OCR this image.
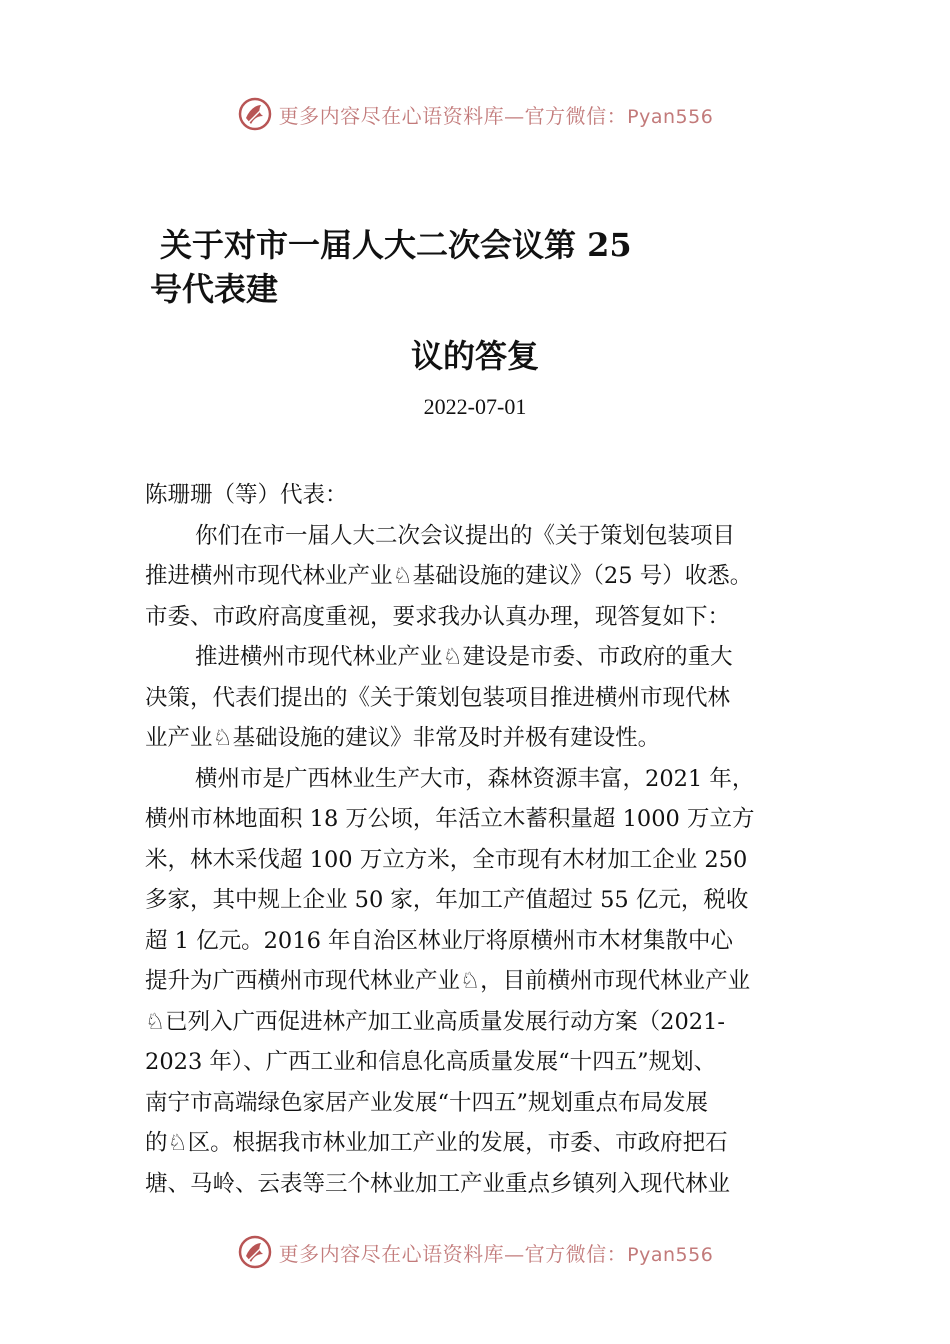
更多内容尽在心语资料库—官方微信：Pyan556
关于对市一届人大二次会议第 25
号代表建
议的答复
2022-07-01
陈珊珊（等）代表：
你们在市一届人大二次会议提出的《关于策划包装项目
推进横州市现代林业产业♘基础设施的建议》（25 号）收悉。
市委、市政府高度重视，要求我办认真办理，现答复如下：
推进横州市现代林业产业♘建设是市委、市政府的重大
决策，代表们提出的《关于策划包装项目推进横州市现代林
业产业♘基础设施的建议》非常及时并极有建设性。
横州市是广西林业生产大市，森林资源丰富，2021 年，
横州市林地面积 18 万公顷，年活立木蓄积量超 1000 万立方
米，林木采伐超 100 万立方米，全市现有木材加工企业 250
多家，其中规上企业 50 家，年加工产值超过 55 亿元，税收
超 1 亿元。2016 年自治区林业厅将原横州市木材集散中心
提升为广西横州市现代林业产业♘，目前横州市现代林业产业
♘已列入广西促进林产加工业高质量发展行动方案（2021-
2023 年）、广西工业和信息化高质量发展“十四五”规划、
南宁市高端绿色家居产业发展“十四五”规划重点布局发展
的♘区。根据我市林业加工产业的发展，市委、市政府把石
塘、马岭、云表等三个林业加工产业重点乡镇列入现代林业
更多内容尽在心语资料库—官方微信：Pyan556
